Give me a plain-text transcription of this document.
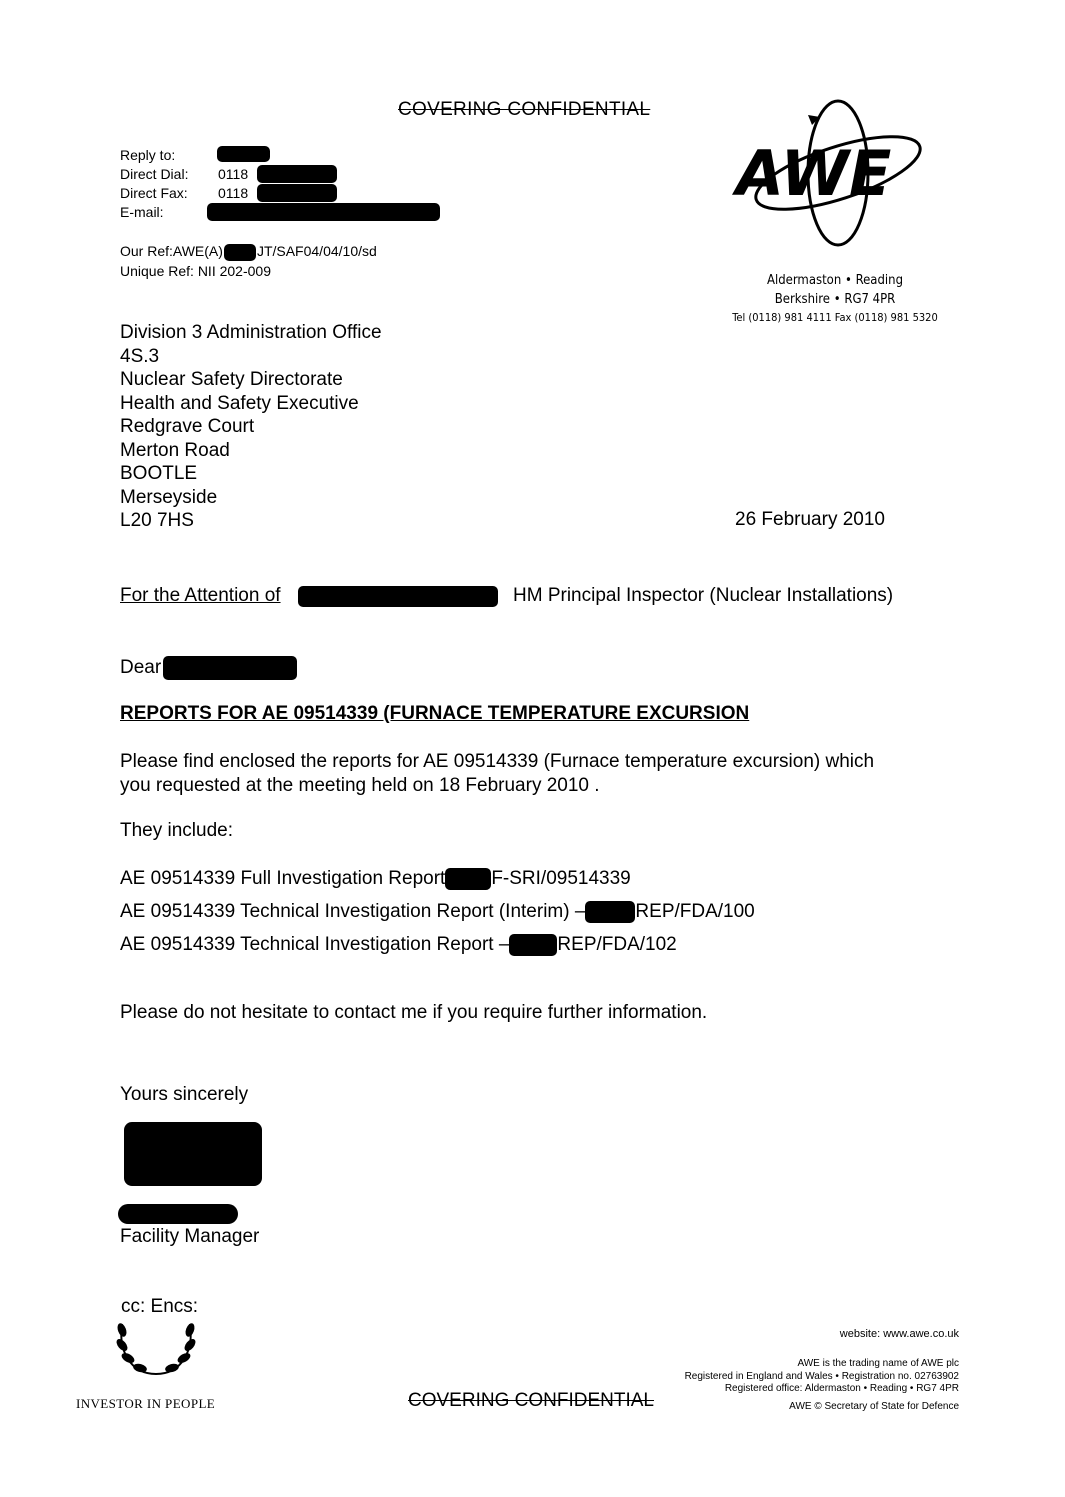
COVERING CONFIDENTIAL
Reply to:
Direct Dial: 0118
Direct Fax: 0118
E-mail:
Our Ref:AWE(A) JT/SAF04/04/10/sd
Unique Ref: NII 202-009
AWE
Aldermaston • Reading
Berkshire • RG7 4PR
Tel (0118) 981 4111 Fax (0118) 981 5320
Division 3 Administration Office
4S.3
Nuclear Safety Directorate
Health and Safety Executive
Redgrave Court
Merton Road
BOOTLE
Merseyside
L20 7HS	26 February 2010
For the Attention of	HM Principal Inspector (Nuclear Installations)
Dear
REPORTS FOR AE 09514339 (FURNACE TEMPERATURE EXCURSION
Please find enclosed the reports for AE 09514339 (Furnace temperature excursion) which
you requested at the meeting held on 18 February 2010 .
They include:
AE 09514339 Full Investigation Report F-SRI/09514339
AE 09514339 Technical Investigation Report (Interim) –	REP/FDA/100
AE 09514339 Technical Investigation Report –	REP/FDA/102
Please do not hesitate to contact me if you require further information.
Yours sincerely
Facility Manager
cc: Encs:
INVESTOR IN PEOPLE	COVERING CONFIDENTIAL
website: www.awe.co.uk
AWE is the trading name of AWE plc
Registered in England and Wales • Registration no. 02763902
Registered office: Aldermaston • Reading • RG7 4PR
AWE © Secretary of State for Defence
